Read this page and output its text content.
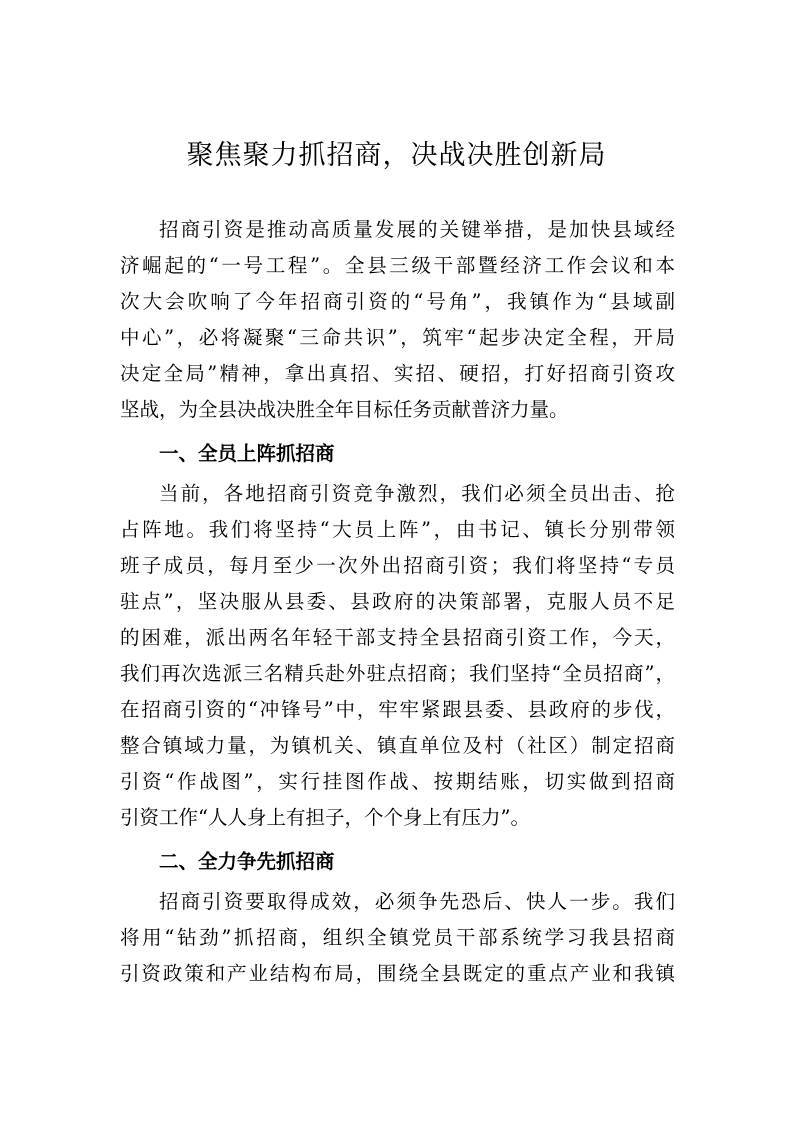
聚焦聚力抓招商，决战决胜创新局
招商引资是推动高质量发展的关键举措，是加快县域经
济崛起的“一号工程”。全县三级干部暨经济工作会议和本
次大会吹响了今年招商引资的“号角”，我镇作为“县域副
中心”，必将凝聚“三命共识”，筑牢“起步决定全程，开局
决定全局”精神，拿出真招、实招、硬招，打好招商引资攻
坚战，为全县决战决胜全年目标任务贡献普济力量。
一、全员上阵抓招商
当前，各地招商引资竞争激烈，我们必须全员出击、抢
占阵地。我们将坚持“大员上阵”，由书记、镇长分别带领
班子成员，每月至少一次外出招商引资；我们将坚持“专员
驻点”，坚决服从县委、县政府的决策部署，克服人员不足
的困难，派出两名年轻干部支持全县招商引资工作，今天，
我们再次选派三名精兵赴外驻点招商；我们坚持“全员招商”，
在招商引资的“冲锋号”中，牢牢紧跟县委、县政府的步伐，
整合镇域力量，为镇机关、镇直单位及村（社区）制定招商
引资“作战图”，实行挂图作战、按期结账，切实做到招商
引资工作“人人身上有担子，个个身上有压力”。
二、全力争先抓招商
招商引资要取得成效，必须争先恐后、快人一步。我们
将用“钻劲”抓招商，组织全镇党员干部系统学习我县招商
引资政策和产业结构布局，围绕全县既定的重点产业和我镇
